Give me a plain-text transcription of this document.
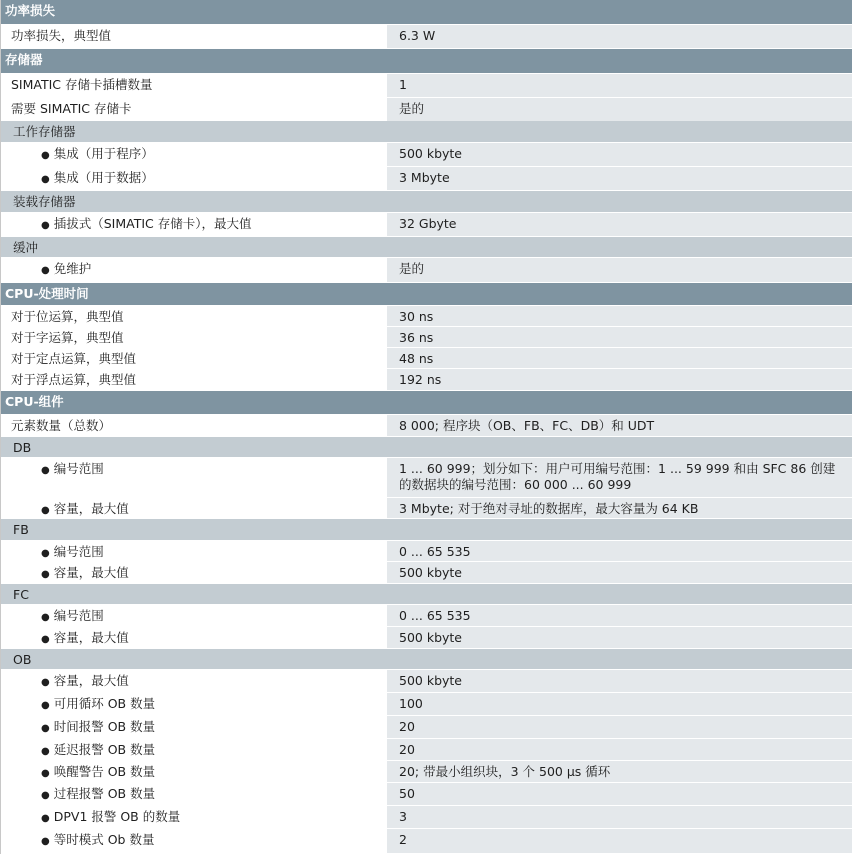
功率损失
功率损失，典型值	6.3 W
存储器
SIMATIC 存储卡插槽数量	1
需要 SIMATIC 存储卡	是的
工作存储器
● 集成（用于程序）	500 kbyte
● 集成（用于数据）	3 Mbyte
装载存储器
● 插拔式（SIMATIC 存储卡），最大值	32 Gbyte
缓冲
● 免维护	是的
CPU-处理时间
对于位运算，典型值	30 ns
对于字运算，典型值	36 ns
对于定点运算，典型值	48 ns
对于浮点运算，典型值	192 ns
CPU-组件
元素数量（总数）	8 000; 程序块（OB、FB、FC、DB）和 UDT
DB
● 编号范围	1 ... 60 999；划分如下：用户可用编号范围：1 ... 59 999 和由 SFC 86 创建的数据块的编号范围：60 000 ... 60 999
● 容量，最大值	3 Mbyte; 对于绝对寻址的数据库，最大容量为 64 KB
FB
● 编号范围	0 ... 65 535
● 容量，最大值	500 kbyte
FC
● 编号范围	0 ... 65 535
● 容量，最大值	500 kbyte
OB
● 容量，最大值	500 kbyte
● 可用循环 OB 数量	100
● 时间报警 OB 数量	20
● 延迟报警 OB 数量	20
● 唤醒警告 OB 数量	20; 带最小组织块，3 个 500 μs 循环
● 过程报警 OB 数量	50
● DPV1 报警 OB 的数量	3
● 等时模式 Ob 数量	2
